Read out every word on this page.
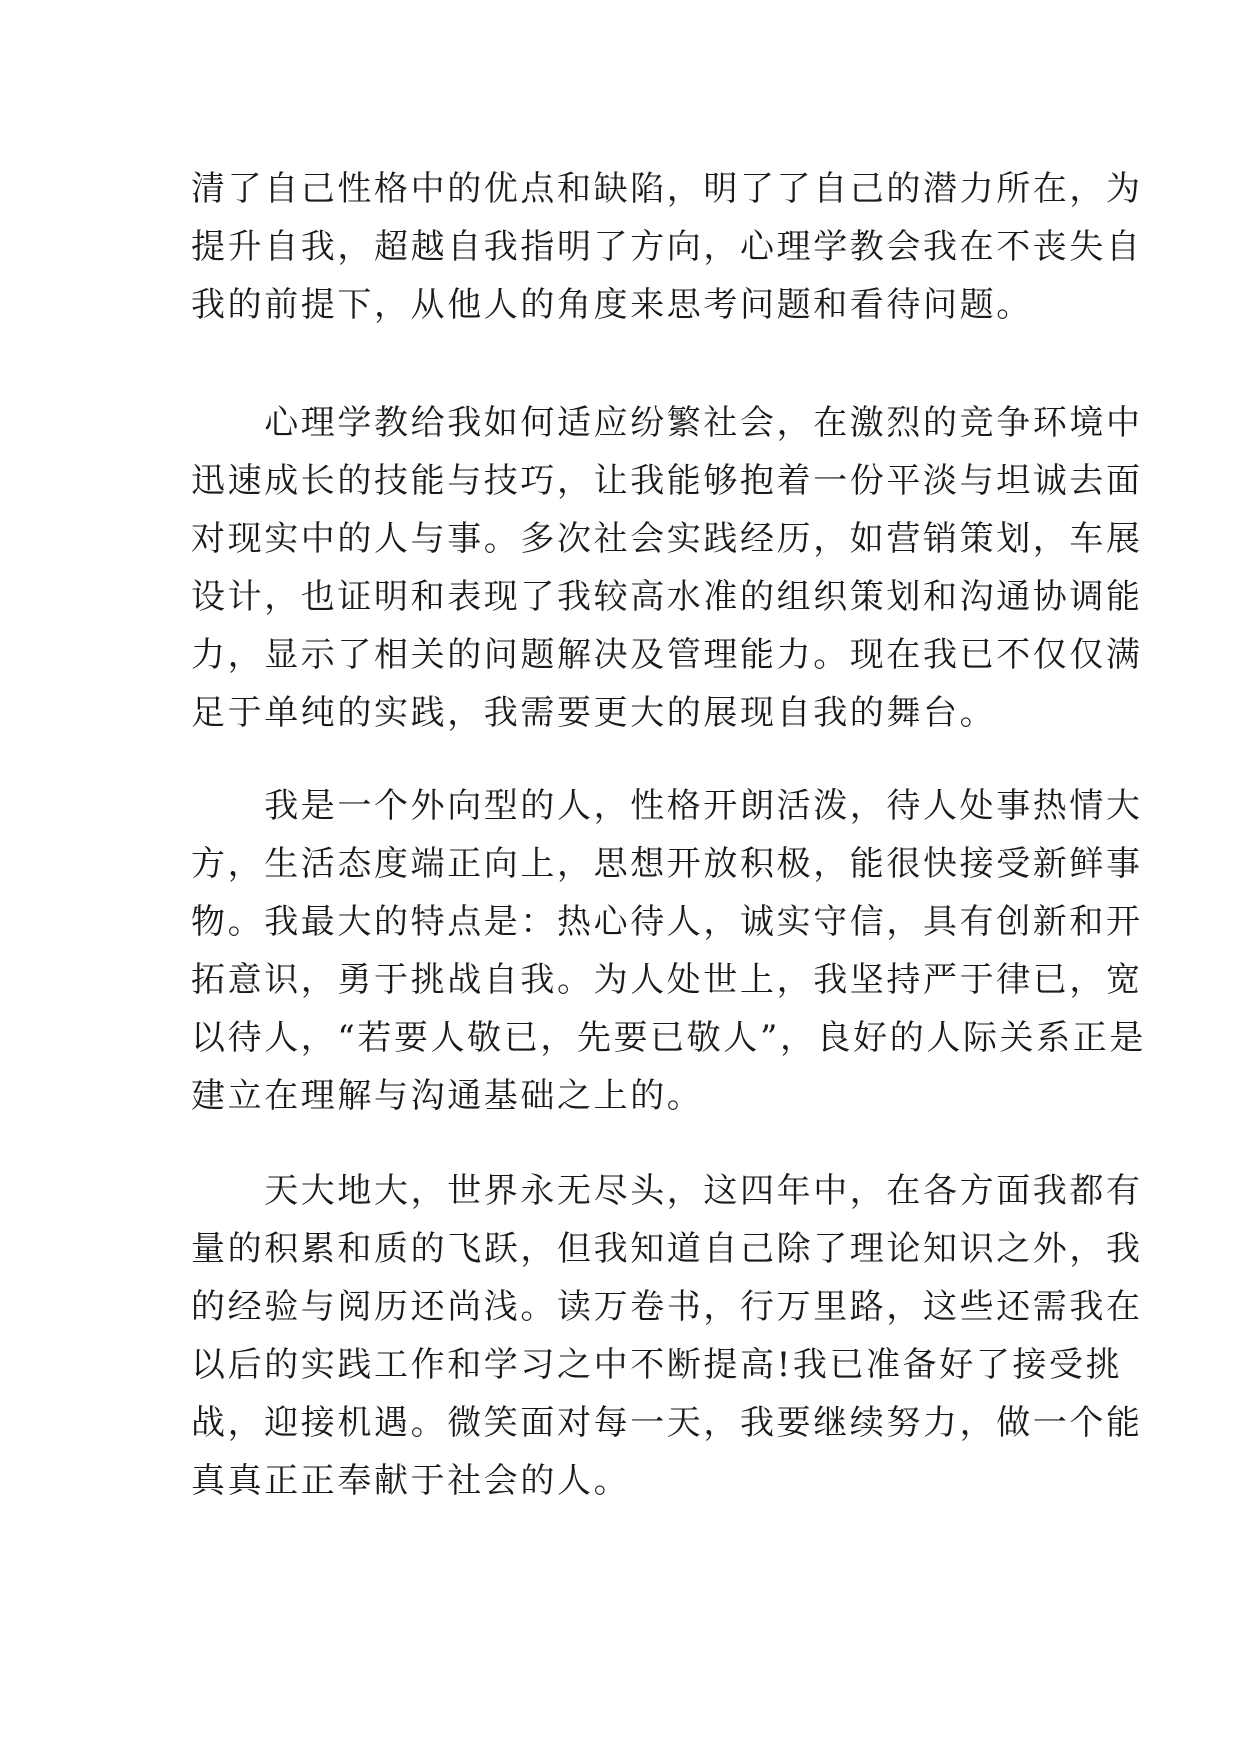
清了自己性格中的优点和缺陷，明了了自己的潜力所在，为
提升自我，超越自我指明了方向，心理学教会我在不丧失自
我的前提下，从他人的角度来思考问题和看待问题。
　　心理学教给我如何适应纷繁社会，在激烈的竞争环境中
迅速成长的技能与技巧，让我能够抱着一份平淡与坦诚去面
对现实中的人与事。多次社会实践经历，如营销策划，车展
设计，也证明和表现了我较高水准的组织策划和沟通协调能
力，显示了相关的问题解决及管理能力。现在我已不仅仅满
足于单纯的实践，我需要更大的展现自我的舞台。
　　我是一个外向型的人，性格开朗活泼，待人处事热情大
方，生活态度端正向上，思想开放积极，能很快接受新鲜事
物。我最大的特点是：热心待人，诚实守信，具有创新和开
拓意识，勇于挑战自我。为人处世上，我坚持严于律已，宽
以待人，“若要人敬已，先要已敬人”，良好的人际关系正是
建立在理解与沟通基础之上的。
　　天大地大，世界永无尽头，这四年中，在各方面我都有
量的积累和质的飞跃，但我知道自己除了理论知识之外，我
的经验与阅历还尚浅。读万卷书，行万里路，这些还需我在
以后的实践工作和学习之中不断提高!我已准备好了接受挑
战，迎接机遇。微笑面对每一天，我要继续努力，做一个能
真真正正奉献于社会的人。
